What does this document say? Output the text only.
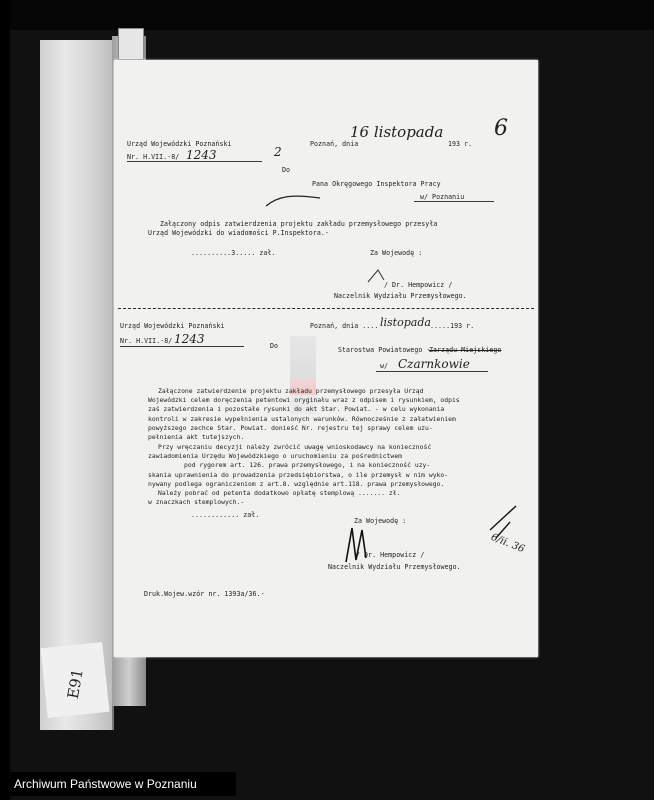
E91
Urząd Wojewódzki Poznański
Nr. H.VII.-8/ 1243
Poznań, dnia
16 listopada
193 r.
6
2
Do
Pana Okręgowego Inspektora Pracy
w/ Poznaniu
Załączony odpis zatwierdzenia projektu zakładu przemysłowego przesyła
Urząd Wojewódzki do wiadomości P.Inspektora.-
..........3..... zał.	Za Wojewodę :
/ Dr. Hempowicz /
Naczelnik Wydziału Przemysłowego.
Urząd Wojewódzki Poznański
Nr. H.VII.-8/ 1243
Poznań, dnia .... listopada .....193 r.
Do	Starostwa Powiatowego -
Zarządu Miejskiego
w/ Czarnkowie
Załączone zatwierdzenie projektu zakładu przemysłowego przesyła Urząd
Wojewódzki celem doręczenia petentowi oryginału wraz z odpisem i rysunkiem, odpis
zaś zatwierdzenia i pozostałe rysunki do akt Star. Powiat. - w celu wykonania
kontroli w zakresie wypełnienia ustalonych warunków. Równocześnie z załatwieniem
powyższego zechce Star. Powiat. donieść Nr. rejestru tej sprawy celem uzu-
pełnienia akt tutejszych.
Przy wręczaniu decyzji należy zwrócić uwagę wnioskodawcy na konieczność
zawiadomienia Urzędu Wojewódzkiego o uruchomieniu za pośrednictwem
pod rygorem art. 126. prawa przemysłowego, i na konieczność uzy-
skania uprawnienia do prowadzenia przedsiębiorstwa, o ile przemysł w nim wyko-
nywany podlega ograniczeniom z art.8. względnie art.118. prawa przemysłowego.
Należy pobrać od petenta dodatkowo opłatę stemplową ....... zł.
w znaczkach stemplowych.-
............ zał.
Za Wojewodę :
/ Dr. Hempowicz /
Naczelnik Wydziału Przemysłowego.
6/ii. 36
Druk.Wojew.wzór nr. 1393a/36.-
Archiwum Państwowe w Poznaniu
